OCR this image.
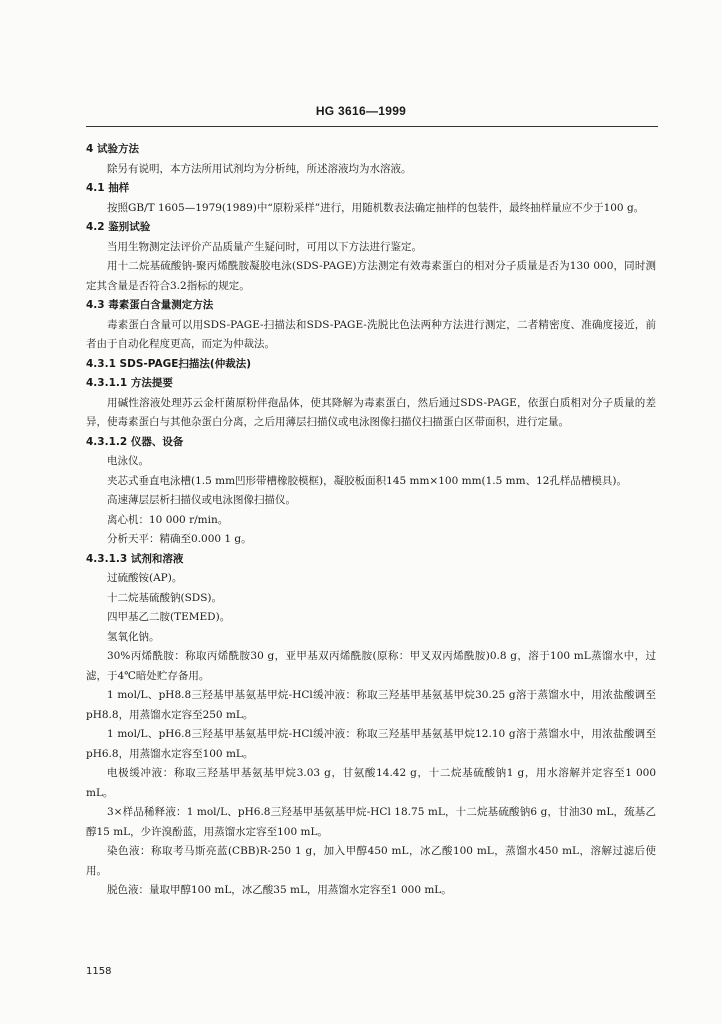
HG 3616—1999

4 试验方法

除另有说明，本方法所用试剂均为分析纯，所述溶液均为水溶液。

4.1 抽样

按照GB/T 1605—1979(1989)中“原粉采样”进行，用随机数表法确定抽样的包装件，最终抽样量应不少于100 g。

4.2 鉴别试验

当用生物测定法评价产品质量产生疑问时，可用以下方法进行鉴定。

用十二烷基硫酸钠-聚丙烯酰胺凝胶电泳(SDS-PAGE)方法测定有效毒素蛋白的相对分子质量是否为130 000，同时测定其含量是否符合3.2指标的规定。

4.3 毒素蛋白含量测定方法

毒素蛋白含量可以用SDS-PAGE-扫描法和SDS-PAGE-洗脱比色法两种方法进行测定，二者精密度、准确度接近，前者由于自动化程度更高，而定为仲裁法。

4.3.1 SDS-PAGE扫描法(仲裁法)

4.3.1.1 方法提要

用碱性溶液处理苏云金杆菌原粉伴孢晶体，使其降解为毒素蛋白，然后通过SDS-PAGE，依蛋白质相对分子质量的差异，使毒素蛋白与其他杂蛋白分离，之后用薄层扫描仪或电泳图像扫描仪扫描蛋白区带面积，进行定量。

4.3.1.2 仪器、设备

电泳仪。

夹芯式垂直电泳槽(1.5 mm凹形带槽橡胶模框)，凝胶板面积145 mm×100 mm(1.5 mm、12孔样品槽模具)。

高速薄层层析扫描仪或电泳图像扫描仪。

离心机：10 000 r/min。

分析天平：精确至0.000 1 g。

4.3.1.3 试剂和溶液

过硫酸铵(AP)。

十二烷基硫酸钠(SDS)。

四甲基乙二胺(TEMED)。

氢氧化钠。

30%丙烯酰胺：称取丙烯酰胺30 g，亚甲基双丙烯酰胺(原称：甲叉双丙烯酰胺)0.8 g，溶于100 mL蒸馏水中，过滤，于4℃暗处贮存备用。

1 mol/L、pH8.8三羟基甲基氨基甲烷-HCl缓冲液：称取三羟基甲基氨基甲烷30.25 g溶于蒸馏水中，用浓盐酸调至pH8.8，用蒸馏水定容至250 mL。

1 mol/L、pH6.8三羟基甲基氨基甲烷-HCl缓冲液：称取三羟基甲基氨基甲烷12.10 g溶于蒸馏水中，用浓盐酸调至pH6.8，用蒸馏水定容至100 mL。

电极缓冲液：称取三羟基甲基氨基甲烷3.03 g，甘氨酸14.42 g，十二烷基硫酸钠1 g，用水溶解并定容至1 000 mL。

3×样品稀释液：1 mol/L、pH6.8三羟基甲基氨基甲烷-HCl 18.75 mL，十二烷基硫酸钠6 g，甘油30 mL，巯基乙醇15 mL，少许溴酚蓝，用蒸馏水定容至100 mL。

染色液：称取考马斯亮蓝(CBB)R-250 1 g，加入甲醇450 mL，冰乙酸100 mL，蒸馏水450 mL，溶解过滤后使用。

脱色液：量取甲醇100 mL，冰乙酸35 mL，用蒸馏水定容至1 000 mL。

1158
